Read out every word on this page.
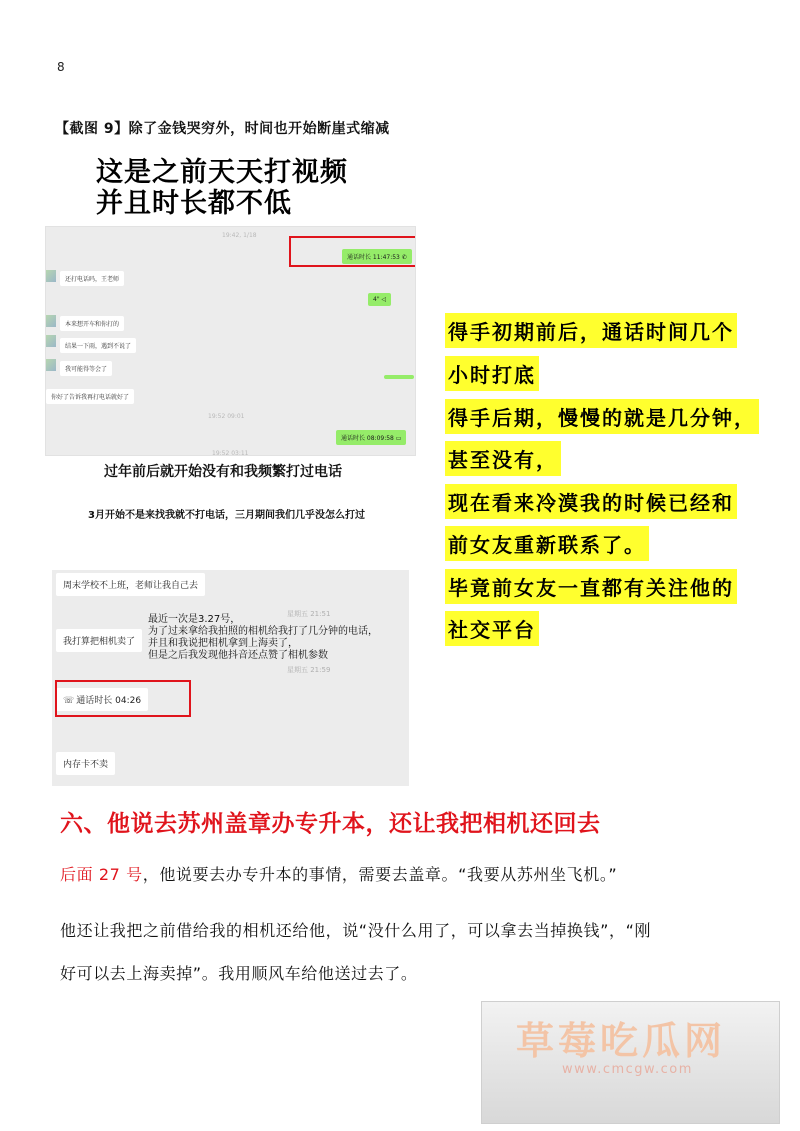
8
【截图 9】除了金钱哭穷外，时间也开始断崖式缩减
这是之前天天打视频
并且时长都不低
19:42, 1/18
通话时长 11:47:53 ✆
还打电话吗，王老师
4" ◁
本来想开车和你打的
结果一下雨，遇到不说了
我可能得等会了
你好了告诉我再打电话就好了
19:52 09:01
通话时长 08:09:58 ▭
19:52 03:11
过年前后就开始没有和我频繁打过电话
3月开始不是来找我就不打电话，三月期间我们几乎没怎么打过
周末学校不上班，老师让我自己去
星期五 21:51
我打算把相机卖了
最近一次是3.27号，
为了过来拿给我拍照的相机给我打了几分钟的电话，
并且和我说把相机拿到上海卖了，
但是之后我发现他抖音还点赞了相机参数
星期五 21:59
☏ 通话时长 04:26
内存卡不卖
得手初期前后，通话时间几个
小时打底
得手后期，慢慢的就是几分钟，
甚至没有，
现在看来冷漠我的时候已经和
前女友重新联系了。
毕竟前女友一直都有关注他的
社交平台
六、他说去苏州盖章办专升本，还让我把相机还回去
后面 27 号，他说要去办专升本的事情，需要去盖章。“我要从苏州坐飞机。”
他还让我把之前借给我的相机还给他，说“没什么用了，可以拿去当掉换钱”，“刚
好可以去上海卖掉”。我用顺风车给他送过去了。
草莓吃瓜网
www.cmcgw.com
